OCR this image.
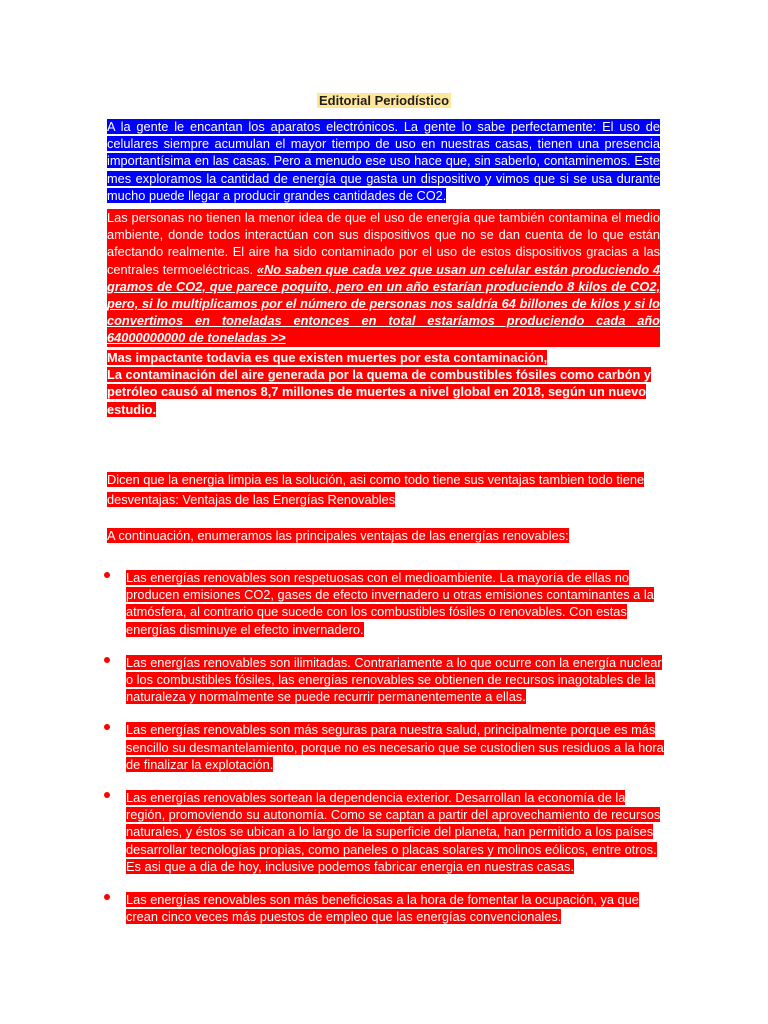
Editorial Periodístico
A la gente le encantan los aparatos electrónicos. La gente lo sabe perfectamente: El uso de celulares siempre acumulan el mayor tiempo de uso en nuestras casas, tienen una presencia importantísima en las casas. Pero a menudo ese uso hace que, sin saberlo, contaminemos. Este mes exploramos la cantidad de energía que gasta un dispositivo y vimos que si se usa durante mucho puede llegar a producir grandes cantidades de CO2.
Las personas no tienen la menor idea de que el uso de energía que también contamina el medio ambiente, donde todos interactúan con sus dispositivos que no se dan cuenta de lo que están afectando realmente. El aire ha sido contaminado por el uso de estos dispositivos gracias a las centrales termoeléctricas. «No saben que cada vez que usan un celular están produciendo 4 gramos de CO2, que parece poquito, pero en un año estarían produciendo 8 kilos de CO2, pero, si lo multiplicamos por el número de personas nos saldría 64 billones de kilos y si lo convertimos en toneladas entonces en total estaríamos produciendo cada año 64000000000 de toneladas >>
Mas impactante todavia es que existen muertes por esta contaminación,
La contaminación del aire generada por la quema de combustibles fósiles como carbón y petróleo causó al menos 8,7 millones de muertes a nivel global en 2018, según un nuevo estudio.
Dicen que la energia limpia es la solución, asi como todo tiene sus ventajas tambien todo tiene desventajas: Ventajas de las Energías Renovables
A continuación, enumeramos las principales ventajas de las energías renovables:
Las energías renovables son respetuosas con el medioambiente. La mayoría de ellas no producen emisiones CO2, gases de efecto invernadero u otras emisiones contaminantes a la atmósfera, al contrario que sucede con los combustibles fósiles o renovables. Con estas energías disminuye el efecto invernadero.
Las energías renovables son ilimitadas. Contrariamente a lo que ocurre con la energía nuclear o los combustibles fósiles, las energías renovables se obtienen de recursos inagotables de la naturaleza y normalmente se puede recurrir permanentemente a ellas.
Las energías renovables son más seguras para nuestra salud, principalmente porque es más sencillo su desmantelamiento, porque no es necesario que se custodien sus residuos a la hora de finalizar la explotación.
Las energías renovables sortean la dependencia exterior. Desarrollan la economía de la región, promoviendo su autonomía. Como se captan a partir del aprovechamiento de recursos naturales, y éstos se ubican a lo largo de la superficie del planeta, han permitido a los países desarrollar tecnologías propias, como paneles o placas solares y molinos eólicos, entre otros. Es asi que a dia de hoy, inclusive podemos fabricar energia en nuestras casas.
Las energías renovables son más beneficiosas a la hora de fomentar la ocupación, ya que crean cinco veces más puestos de empleo que las energías convencionales.
